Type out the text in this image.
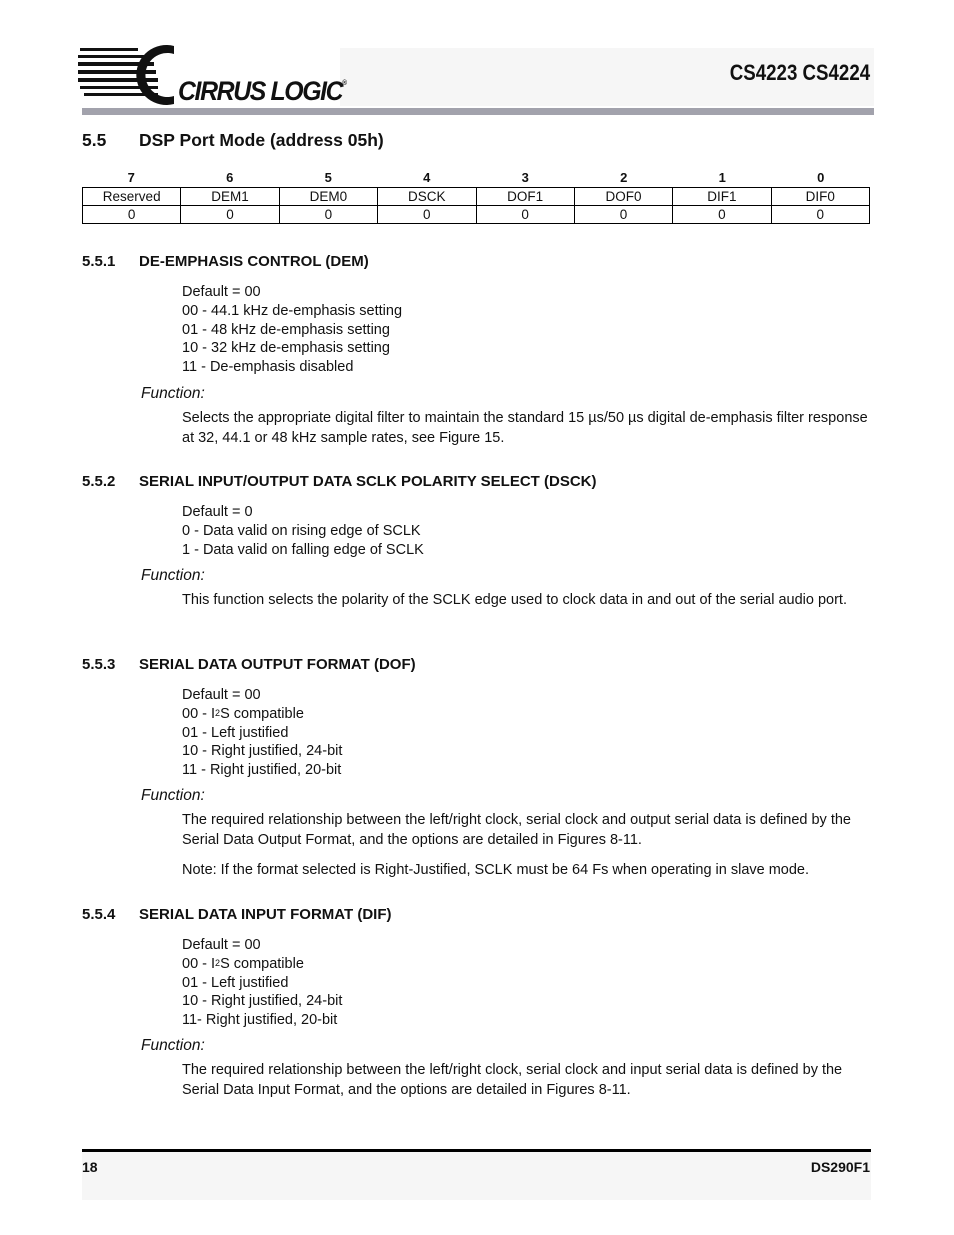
CIRRUS LOGIC®	CS4223 CS4224
5.5 DSP Port Mode (address 05h)
7	6	5	4	3	2	1	0
Reserved	DEM1	DEM0	DSCK	DOF1	DOF0	DIF1	DIF0
0	0	0	0	0	0	0	0
5.5.1 DE-EMPHASIS CONTROL (DEM)
Default = 00
00 - 44.1 kHz de-emphasis setting
01 - 48 kHz de-emphasis setting
10 - 32 kHz de-emphasis setting
11 - De-emphasis disabled
Function:
Selects the appropriate digital filter to maintain the standard 15 µs/50 µs digital de-emphasis filter response at 32, 44.1 or 48 kHz sample rates, see Figure 15.
5.5.2 SERIAL INPUT/OUTPUT DATA SCLK POLARITY SELECT (DSCK)
Default = 0
0 - Data valid on rising edge of SCLK
1 - Data valid on falling edge of SCLK
Function:
This function selects the polarity of the SCLK edge used to clock data in and out of the serial audio port.
5.5.3 SERIAL DATA OUTPUT FORMAT (DOF)
Default = 00
$00 - I^2S$ compatible
01 - Left justified
10 - Right justified, 24-bit
11 - Right justified, 20-bit
Function:
The required relationship between the left/right clock, serial clock and output serial data is defined by the Serial Data Output Format, and the options are detailed in Figures 8-11.
Note: If the format selected is Right-Justified, SCLK must be 64 Fs when operating in slave mode.
5.5.4 SERIAL DATA INPUT FORMAT (DIF)
Default = 00
$00 - I^2S$ compatible
01 - Left justified
10 - Right justified, 24-bit
11- Right justified, 20-bit
Function:
The required relationship between the left/right clock, serial clock and input serial data is defined by the Serial Data Input Format, and the options are detailed in Figures 8-11.
18	DS290F1
